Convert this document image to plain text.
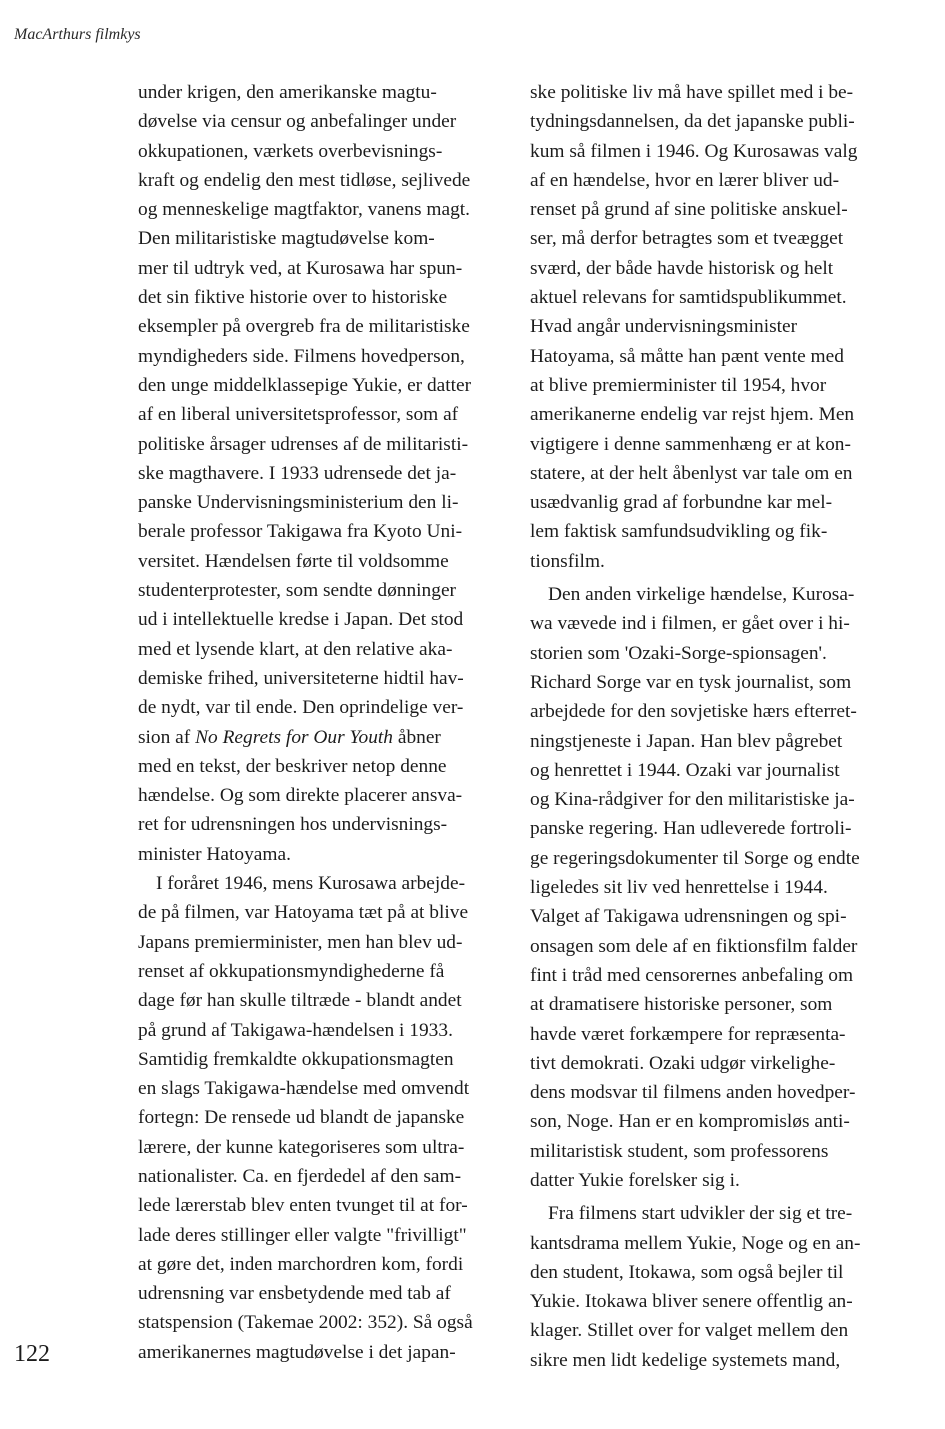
MacArthurs filmkys
under krigen, den amerikanske magtu-
døvelse via censur og anbefalinger under
okkupationen, værkets overbevisnings-
kraft og endelig den mest tidløse, sejlivede
og menneskelige magtfaktor, vanens magt.
Den militaristiske magtudøvelse kom-
mer til udtryk ved, at Kurosawa har spun-
det sin fiktive historie over to historiske
eksempler på overgreb fra de militaristiske
myndigheders side. Filmens hovedperson,
den unge middelklassepige Yukie, er datter
af en liberal universitetsprofessor, som af
politiske årsager udrenses af de militaristi-
ske magthavere. I 1933 udrensede det ja-
panske Undervisningsministerium den li-
berale professor Takigawa fra Kyoto Uni-
versitet. Hændelsen førte til voldsomme
studenterprotester, som sendte dønninger
ud i intellektuelle kredse i Japan. Det stod
med et lysende klart, at den relative aka-
demiske frihed, universiteterne hidtil hav-
de nydt, var til ende. Den oprindelige ver-
sion af No Regrets for Our Youth åbner
med en tekst, der beskriver netop denne
hændelse. Og som direkte placerer ansva-
ret for udrensningen hos undervisnings-
minister Hatoyama.
I foråret 1946, mens Kurosawa arbejde-
de på filmen, var Hatoyama tæt på at blive
Japans premierminister, men han blev ud-
renset af okkupationsmyndighederne få
dage før han skulle tiltræde - blandt andet
på grund af Takigawa-hændelsen i 1933.
Samtidig fremkaldte okkupationsmagten
en slags Takigawa-hændelse med omvendt
fortegn: De rensede ud blandt de japanske
lærere, der kunne kategoriseres som ultra-
nationalister. Ca. en fjerdedel af den sam-
lede lærerstab blev enten tvunget til at for-
lade deres stillinger eller valgte "frivilligt"
at gøre det, inden marchordren kom, fordi
udrensning var ensbetydende med tab af
statspension (Takemae 2002: 352). Så også
amerikanernes magtudøvelse i det japan-
ske politiske liv må have spillet med i be-
tydningsdannelsen, da det japanske publi-
kum så filmen i 1946. Og Kurosawas valg
af en hændelse, hvor en lærer bliver ud-
renset på grund af sine politiske anskuel-
ser, må derfor betragtes som et tveægget
sværd, der både havde historisk og helt
aktuel relevans for samtidspublikummet.
Hvad angår undervisningsminister
Hatoyama, så måtte han pænt vente med
at blive premierminister til 1954, hvor
amerikanerne endelig var rejst hjem. Men
vigtigere i denne sammenhæng er at kon-
statere, at der helt åbenlyst var tale om en
usædvanlig grad af forbundne kar mel-
lem faktisk samfundsudvikling og fik-
tionsfilm.
Den anden virkelige hændelse, Kurosa-
wa vævede ind i filmen, er gået over i hi-
storien som 'Ozaki-Sorge-spionsagen'.
Richard Sorge var en tysk journalist, som
arbejdede for den sovjetiske hærs efterret-
ningstjeneste i Japan. Han blev pågrebet
og henrettet i 1944. Ozaki var journalist
og Kina-rådgiver for den militaristiske ja-
panske regering. Han udleverede fortroli-
ge regeringsdokumenter til Sorge og endte
ligeledes sit liv ved henrettelse i 1944.
Valget af Takigawa udrensningen og spi-
onsagen som dele af en fiktionsfilm falder
fint i tråd med censorernes anbefaling om
at dramatisere historiske personer, som
havde været forkæmpere for repræsenta-
tivt demokrati. Ozaki udgør virkelighe-
dens modsvar til filmens anden hovedper-
son, Noge. Han er en kompromisløs anti-
militaristisk student, som professorens
datter Yukie forelsker sig i.
Fra filmens start udvikler der sig et tre-
kantsdrama mellem Yukie, Noge og en an-
den student, Itokawa, som også bejler til
Yukie. Itokawa bliver senere offentlig an-
klager. Stillet over for valget mellem den
sikre men lidt kedelige systemets mand,
122
